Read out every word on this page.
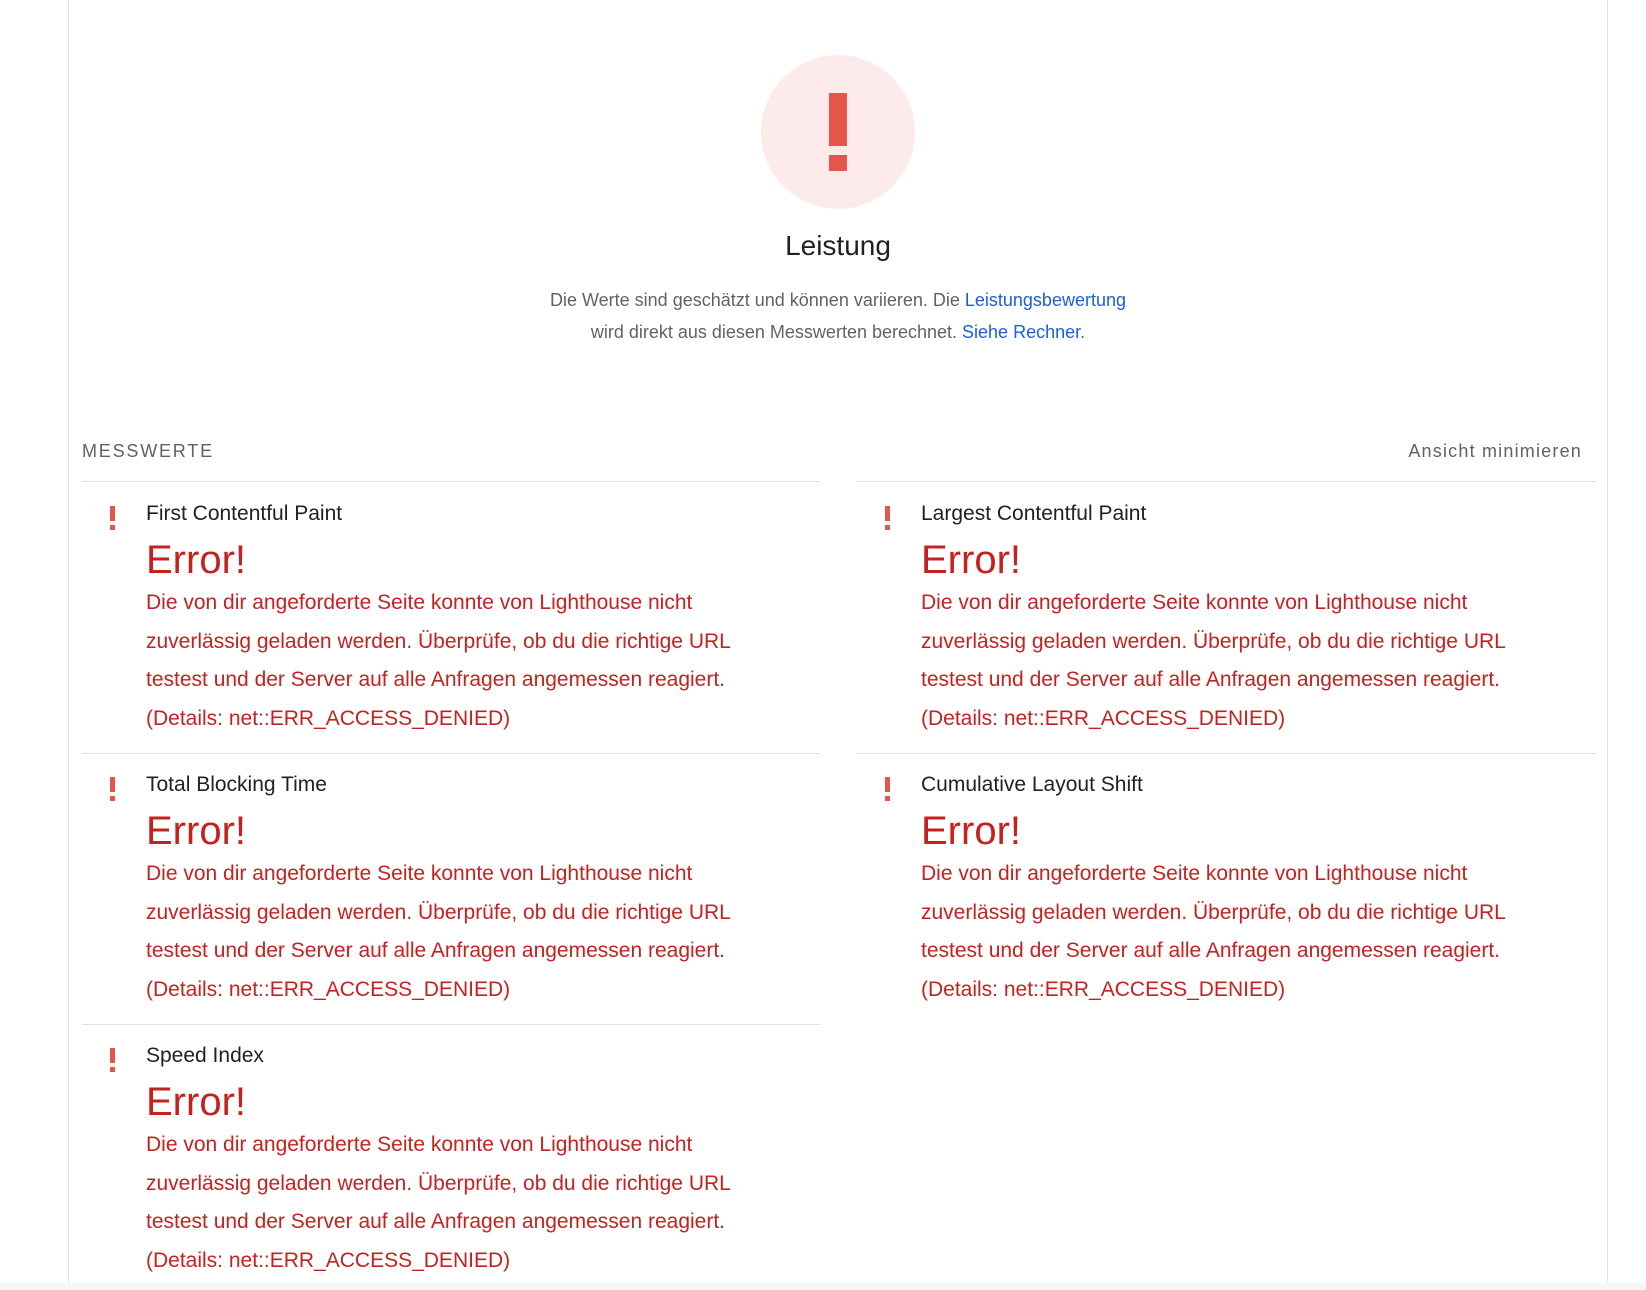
Leistung
Die Werte sind geschätzt und können variieren. Die Leistungsbewertung
wird direkt aus diesen Messwerten berechnet. Siehe Rechner.
MESSWERTE	Ansicht minimieren
First Contentful Paint
Error!
Die von dir angeforderte Seite konnte von Lighthouse nicht zuverlässig geladen werden. Überprüfe, ob du die richtige URL testest und der Server auf alle Anfragen angemessen reagiert. (Details: net::ERR_ACCESS_DENIED)
Largest Contentful Paint
Error!
Die von dir angeforderte Seite konnte von Lighthouse nicht zuverlässig geladen werden. Überprüfe, ob du die richtige URL testest und der Server auf alle Anfragen angemessen reagiert. (Details: net::ERR_ACCESS_DENIED)
Total Blocking Time
Error!
Die von dir angeforderte Seite konnte von Lighthouse nicht zuverlässig geladen werden. Überprüfe, ob du die richtige URL testest und der Server auf alle Anfragen angemessen reagiert. (Details: net::ERR_ACCESS_DENIED)
Cumulative Layout Shift
Error!
Die von dir angeforderte Seite konnte von Lighthouse nicht zuverlässig geladen werden. Überprüfe, ob du die richtige URL testest und der Server auf alle Anfragen angemessen reagiert. (Details: net::ERR_ACCESS_DENIED)
Speed Index
Error!
Die von dir angeforderte Seite konnte von Lighthouse nicht zuverlässig geladen werden. Überprüfe, ob du die richtige URL testest und der Server auf alle Anfragen angemessen reagiert. (Details: net::ERR_ACCESS_DENIED)
